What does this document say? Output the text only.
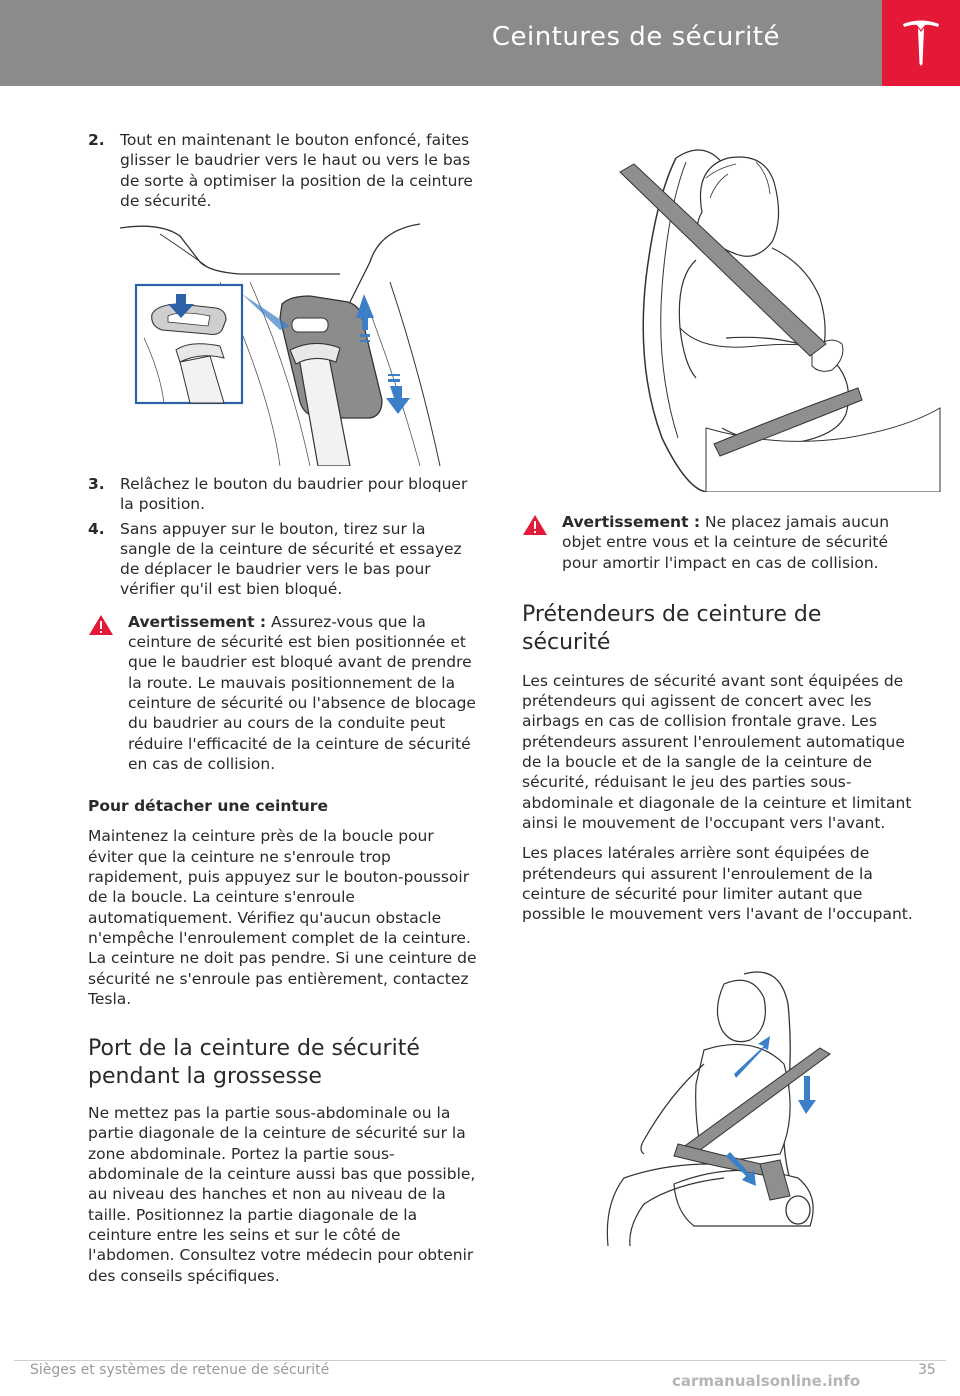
Ceintures de sécurité
2. Tout en maintenant le bouton enfoncé, faites glisser le baudrier vers le haut ou vers le bas de sorte à optimiser la position de la ceinture de sécurité.
3. Relâchez le bouton du baudrier pour bloquer la position.
4. Sans appuyer sur le bouton, tirez sur la sangle de la ceinture de sécurité et essayez de déplacer le baudrier vers le bas pour vérifier qu'il est bien bloqué.
Avertissement : Assurez-vous que la ceinture de sécurité est bien positionnée et que le baudrier est bloqué avant de prendre la route. Le mauvais positionnement de la ceinture de sécurité ou l'absence de blocage du baudrier au cours de la conduite peut réduire l'efficacité de la ceinture de sécurité en cas de collision.
Pour détacher une ceinture
Maintenez la ceinture près de la boucle pour éviter que la ceinture ne s'enroule trop rapidement, puis appuyez sur le bouton-poussoir de la boucle. La ceinture s'enroule automatiquement. Vérifiez qu'aucun obstacle n'empêche l'enroulement complet de la ceinture. La ceinture ne doit pas pendre. Si une ceinture de sécurité ne s'enroule pas entièrement, contactez Tesla.
Port de la ceinture de sécurité pendant la grossesse
Ne mettez pas la partie sous-abdominale ou la partie diagonale de la ceinture de sécurité sur la zone abdominale. Portez la partie sous-abdominale de la ceinture aussi bas que possible, au niveau des hanches et non au niveau de la taille. Positionnez la partie diagonale de la ceinture entre les seins et sur le côté de l'abdomen. Consultez votre médecin pour obtenir des conseils spécifiques.
Avertissement : Ne placez jamais aucun objet entre vous et la ceinture de sécurité pour amortir l'impact en cas de collision.
Prétendeurs de ceinture de sécurité
Les ceintures de sécurité avant sont équipées de prétendeurs qui agissent de concert avec les airbags en cas de collision frontale grave. Les prétendeurs assurent l'enroulement automatique de la boucle et de la sangle de la ceinture de sécurité, réduisant le jeu des parties sous-abdominale et diagonale de la ceinture et limitant ainsi le mouvement de l'occupant vers l'avant.
Les places latérales arrière sont équipées de prétendeurs qui assurent l'enroulement de la ceinture de sécurité pour limiter autant que possible le mouvement vers l'avant de l'occupant.
Sièges et systèmes de retenue de sécurité	35
carmanualsonline.info
